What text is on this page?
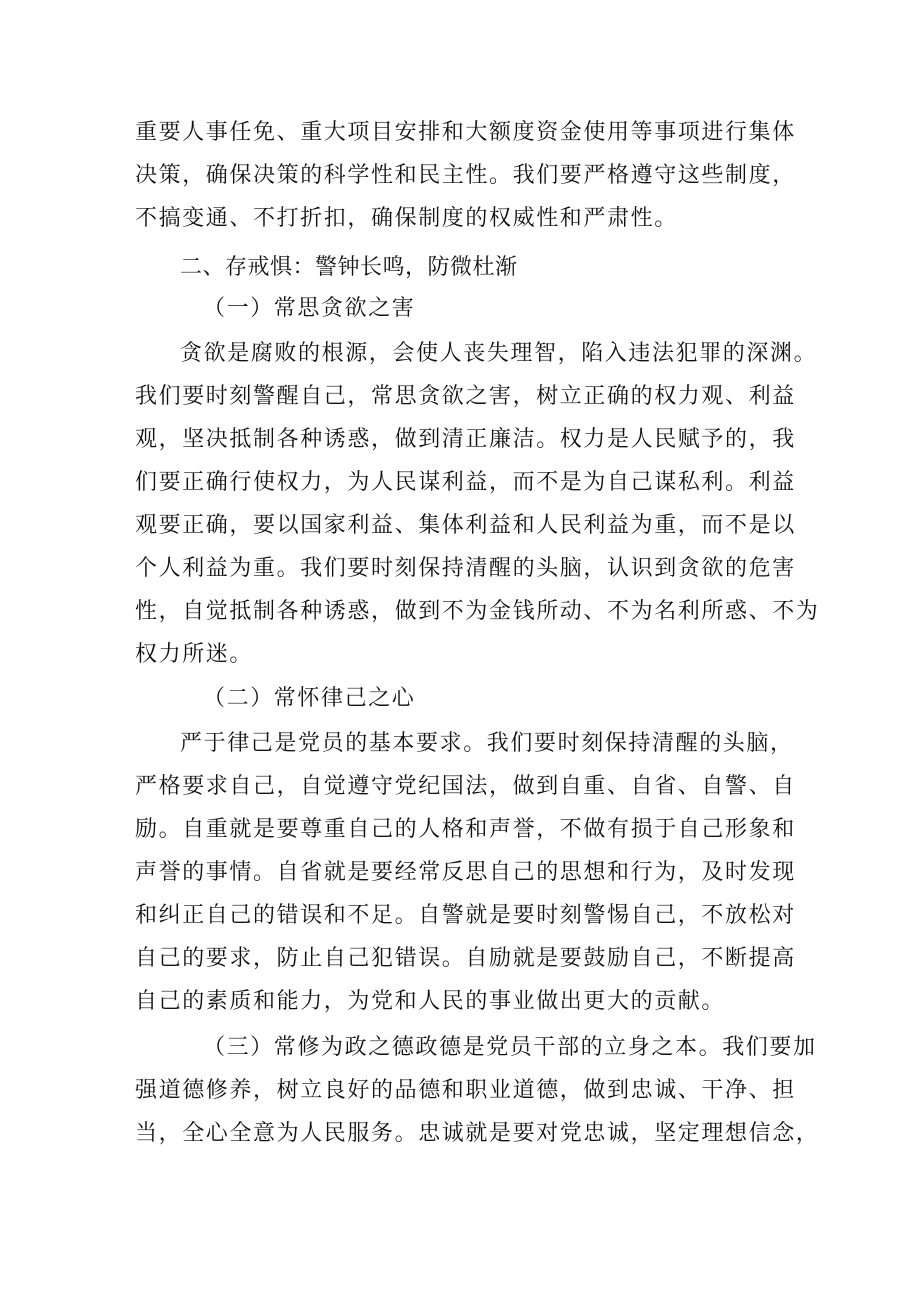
重要人事任免、重大项目安排和大额度资金使用等事项进行集体
决策，确保决策的科学性和民主性。我们要严格遵守这些制度，
不搞变通、不打折扣，确保制度的权威性和严肃性。
二、存戒惧：警钟长鸣，防微杜渐
（一）常思贪欲之害
贪欲是腐败的根源，会使人丧失理智，陷入违法犯罪的深渊。
我们要时刻警醒自己，常思贪欲之害，树立正确的权力观、利益
观，坚决抵制各种诱惑，做到清正廉洁。权力是人民赋予的，我
们要正确行使权力，为人民谋利益，而不是为自己谋私利。利益
观要正确，要以国家利益、集体利益和人民利益为重，而不是以
个人利益为重。我们要时刻保持清醒的头脑，认识到贪欲的危害
性，自觉抵制各种诱惑，做到不为金钱所动、不为名利所惑、不为
权力所迷。
（二）常怀律己之心
严于律己是党员的基本要求。我们要时刻保持清醒的头脑，
严格要求自己，自觉遵守党纪国法，做到自重、自省、自警、自
励。自重就是要尊重自己的人格和声誉，不做有损于自己形象和
声誉的事情。自省就是要经常反思自己的思想和行为，及时发现
和纠正自己的错误和不足。自警就是要时刻警惕自己，不放松对
自己的要求，防止自己犯错误。自励就是要鼓励自己，不断提高
自己的素质和能力，为党和人民的事业做出更大的贡献。
（三）常修为政之德政德是党员干部的立身之本。我们要加
强道德修养，树立良好的品德和职业道德，做到忠诚、干净、担
当，全心全意为人民服务。忠诚就是要对党忠诚，坚定理想信念，
